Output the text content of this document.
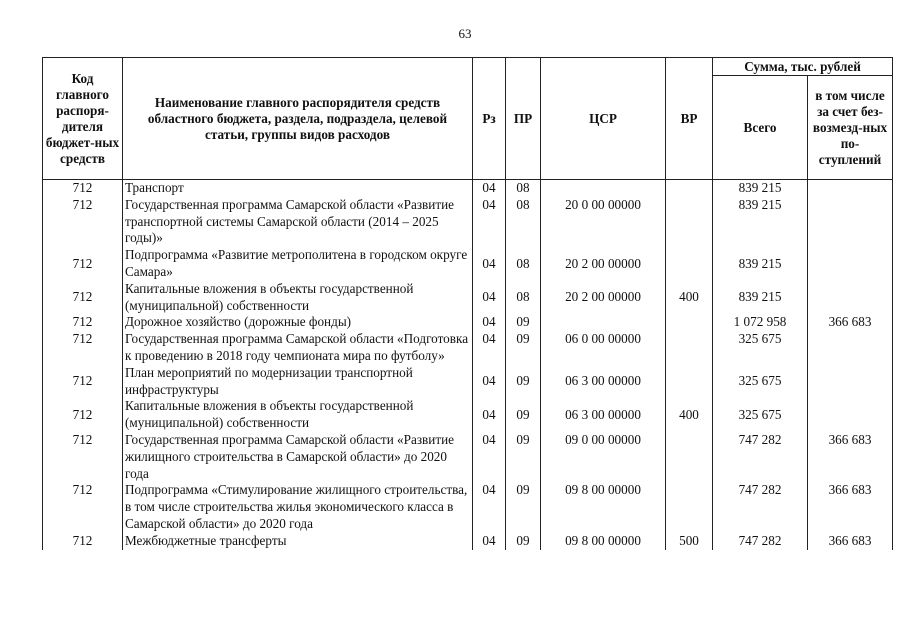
63
Код главного распоря-дителя бюджет-ных средств	Наименование главного распорядителя средств областного бюджета, раздела, подраздела, целевой статьи, группы видов расходов	Рз	ПР	ЦСР	ВР	Сумма, тыс. рублей	
						Всего	в том числе за счет без-возмезд-ных по-ступлений
712	Транспорт	04	08			839 215	
712	Государственная программа Самарской области «Развитие транспортной системы Самарской области (2014 – 2025 годы)»	04	08	20 0 00 00000		839 215	
712	Подпрограмма «Развитие метрополитена в городском округе Самара»	04	08	20 2 00 00000		839 215	
712	Капитальные вложения в объекты государственной (муниципальной) собственности	04	08	20 2 00 00000	400	839 215	
712	Дорожное хозяйство (дорожные фонды)	04	09			1 072 958	366 683
712	Государственная программа Самарской области «Подготовка к проведению в 2018 году чемпионата мира по футболу»	04	09	06 0 00 00000		325 675	
712	План мероприятий по модернизации транспортной инфраструктуры	04	09	06 3 00 00000		325 675	
712	Капитальные вложения в объекты государственной (муниципальной) собственности	04	09	06 3 00 00000	400	325 675	
712	Государственная программа Самарской области «Развитие жилищного строительства в Самарской области» до 2020 года	04	09	09 0 00 00000		747 282	366 683
712	Подпрограмма «Стимулирование жилищного строительства, в том числе строительства жилья экономического класса в Самарской области» до 2020 года	04	09	09 8 00 00000		747 282	366 683
712	Межбюджетные трансферты	04	09	09 8 00 00000	500	747 282	366 683
